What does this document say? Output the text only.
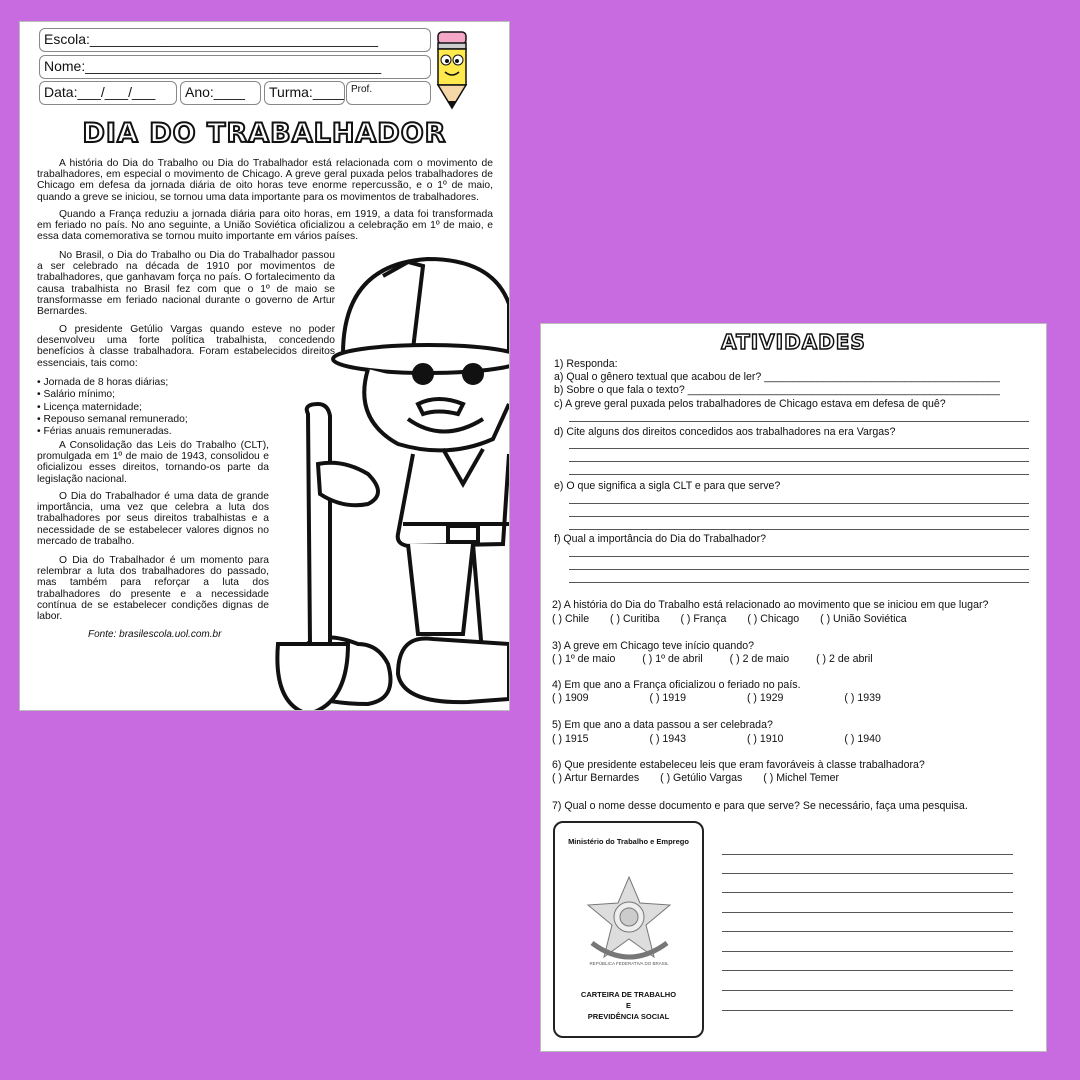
Escola:_____________________________________
Nome:______________________________________
Data:___/___/___	Ano:____	Turma:____ Prof.
DIA DO TRABALHADOR

A história do Dia do Trabalho ou Dia do Trabalhador está relacionada com o movimento de trabalhadores, em especial o movimento de Chicago. A greve geral puxada pelos trabalhadores de Chicago em defesa da jornada diária de oito horas teve enorme repercussão, e o 1º de maio, quando a greve se iniciou, se tornou uma data importante para os movimentos de trabalhadores.

Quando a França reduziu a jornada diária para oito horas, em 1919, a data foi transformada em feriado no país. No ano seguinte, a União Soviética oficializou a celebração em 1º de maio, e essa data comemorativa se tornou muito importante em vários países.

No Brasil, o Dia do Trabalho ou Dia do Trabalhador passou a ser celebrado na década de 1910 por movimentos de trabalhadores, que ganhavam força no país. O fortalecimento da causa trabalhista no Brasil fez com que o 1º de maio se transformasse em feriado nacional durante o governo de Artur Bernardes.

O presidente Getúlio Vargas quando esteve no poder desenvolveu uma forte política trabalhista, concedendo benefícios à classe trabalhadora. Foram estabelecidos direitos essenciais, tais como:

• Jornada de 8 horas diárias;
• Salário mínimo;
• Licença maternidade;
• Repouso semanal remunerado;
• Férias anuais remuneradas.

A Consolidação das Leis do Trabalho (CLT), promulgada em 1º de maio de 1943, consolidou e oficializou esses direitos, tornando-os parte da legislação nacional.

O Dia do Trabalhador é uma data de grande importância, uma vez que celebra a luta dos trabalhadores por seus direitos trabalhistas e a necessidade de se estabelecer valores dignos no mercado de trabalho.

O Dia do Trabalhador é um momento para relembrar a luta dos trabalhadores do passado, mas também para reforçar a luta dos trabalhadores do presente e a necessidade contínua de se estabelecer condições dignas de labor.

Fonte: brasilescola.uol.com.br
ATIVIDADES
1) Responda:
a) Qual o gênero textual que acabou de ler? ________________________________________
b) Sobre o que fala o texto? _____________________________________________________
c) A greve geral puxada pelos trabalhadores de Chicago estava em defesa de quê?
d) Cite alguns dos direitos concedidos aos trabalhadores na era Vargas?
e) O que significa a sigla CLT e para que serve?
f) Qual a importância do Dia do Trabalhador?
2) A história do Dia do Trabalho está relacionado ao movimento que se iniciou em que lugar?
( ) Chile ( ) Curitiba ( ) França ( ) Chicago ( ) União Soviética
3) A greve em Chicago teve início quando?
( ) 1º de maio	( ) 1º de abril	( ) 2 de maio	( ) 2 de abril
4) Em que ano a França oficializou o feriado no país.
( ) 1909	( ) 1919	( ) 1929	( ) 1939
5) Em que ano a data passou a ser celebrada?
( ) 1915	( ) 1943	( ) 1910	( ) 1940
6) Que presidente estabeleceu leis que eram favoráveis à classe trabalhadora?
( ) Artur Bernardes ( ) Getúlio Vargas ( ) Michel Temer
7) Qual o nome desse documento e para que serve? Se necessário, faça uma pesquisa.
Ministério do Trabalho e Emprego
REPÚBLICA FEDERATIVA DO BRASIL
CARTEIRA DE TRABALHO
E
PREVIDÊNCIA SOCIAL
